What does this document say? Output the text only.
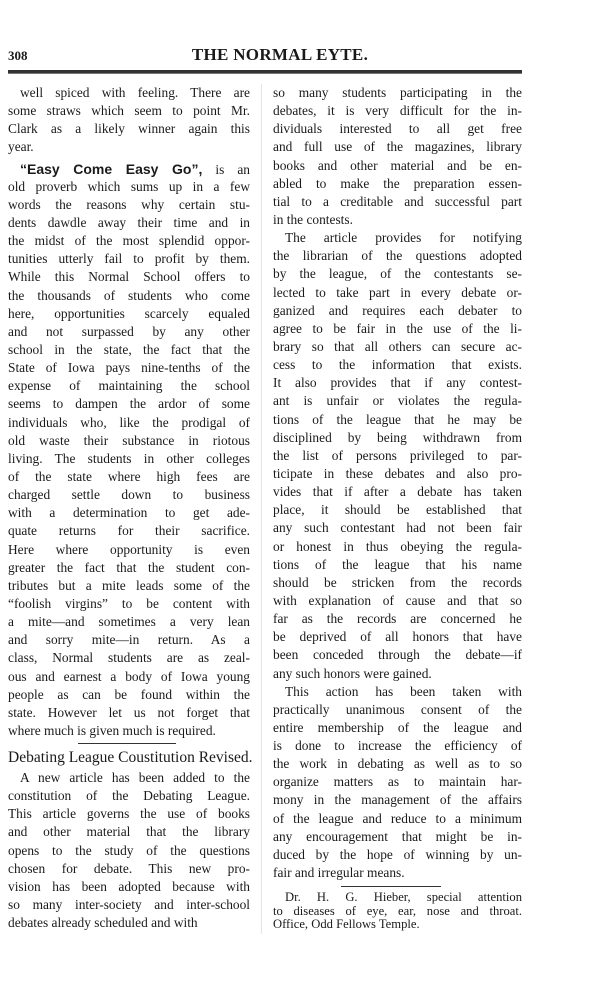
308	THE NORMAL EYTE.
well spiced with feeling. There are
some straws which seem to point Mr.
Clark as a likely winner again this
year.
“Easy Come Easy Go”, is an
old proverb which sums up in a few
words the reasons why certain stu-
dents dawdle away their time and in
the midst of the most splendid oppor-
tunities utterly fail to profit by them.
While this Normal School offers to
the thousands of students who come
here, opportunities scarcely equaled
and not surpassed by any other
school in the state, the fact that the
State of Iowa pays nine-tenths of the
expense of maintaining the school
seems to dampen the ardor of some
individuals who, like the prodigal of
old waste their substance in riotous
living. The students in other colleges
of the state where high fees are
charged settle down to business
with a determination to get ade-
quate returns for their sacrifice.
Here where opportunity is even
greater the fact that the student con-
tributes but a mite leads some of the
“foolish virgins” to be content with
a mite—and sometimes a very lean
and sorry mite—in return. As a
class, Normal students are as zeal-
ous and earnest a body of Iowa young
people as can be found within the
state. However let us not forget that
where much is given much is required.
Debating League Coustitution Revised.
A new article has been added to the
constitution of the Debating League.
This article governs the use of books
and other material that the library
opens to the study of the questions
chosen for debate. This new pro-
vision has been adopted because with
so many inter-society and inter-school
debates already scheduled and with
so many students participating in the
debates, it is very difficult for the in-
dividuals interested to all get free
and full use of the magazines, library
books and other material and be en-
abled to make the preparation essen-
tial to a creditable and successful part
in the contests.
The article provides for notifying
the librarian of the questions adopted
by the league, of the contestants se-
lected to take part in every debate or-
ganized and requires each debater to
agree to be fair in the use of the li-
brary so that all others can secure ac-
cess to the information that exists.
It also provides that if any contest-
ant is unfair or violates the regula-
tions of the league that he may be
disciplined by being withdrawn from
the list of persons privileged to par-
ticipate in these debates and also pro-
vides that if after a debate has taken
place, it should be established that
any such contestant had not been fair
or honest in thus obeying the regula-
tions of the league that his name
should be stricken from the records
with explanation of cause and that so
far as the records are concerned he
be deprived of all honors that have
been conceded through the debate—if
any such honors were gained.
This action has been taken with
practically unanimous consent of the
entire membership of the league and
is done to increase the efficiency of
the work in debating as well as to so
organize matters as to maintain har-
mony in the management of the affairs
of the league and reduce to a minimum
any encouragement that might be in-
duced by the hope of winning by un-
fair and irregular means.
Dr. H. G. Hieber, special attention
to diseases of eye, ear, nose and throat.
Office, Odd Fellows Temple.
